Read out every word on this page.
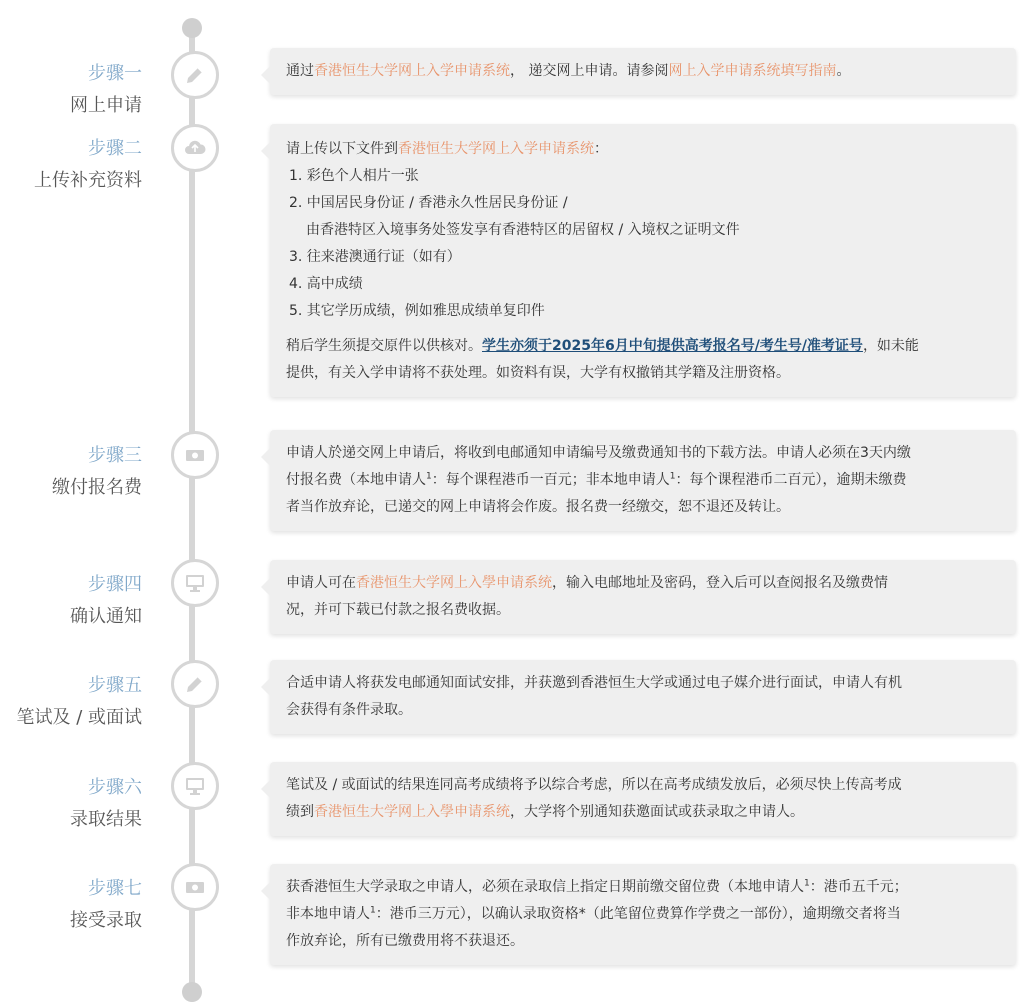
步骤一
网上申请
通过香港恒生大学网上入学申请系统， 递交网上申请。请参阅网上入学申请系统填写指南。
步骤二
上传补充资料
请上传以下文件到香港恒生大学网上入学申请系统：
1. 彩色个人相片一张
2. 中国居民身份证 / 香港永久性居民身份证 /
由香港特区入境事务处签发享有香港特区的居留权 / 入境权之证明文件
3. 往来港澳通行证（如有）
4. 高中成绩
5. 其它学历成绩，例如雅思成绩单复印件
稍后学生须提交原件以供核对。学生亦须于2025年6月中旬提供高考报名号/考生号/准考证号，如未能
提供，有关入学申请将不获处理。如资料有误，大学有权撤销其学籍及注册资格。
步骤三
缴付报名费
申请人於递交网上申请后，将收到电邮通知申请编号及缴费通知书的下载方法。申请人必须在3天内缴
付报名费（本地申请人$^1$：每个课程港币一百元；非本地申请人$^1$：每个课程港币二百元），逾期未缴费
者当作放弃论，已递交的网上申请将会作废。报名费一经缴交，恕不退还及转让。
步骤四
确认通知
申请人可在香港恒生大学网上入學申请系统，输入电邮地址及密码，登入后可以查阅报名及缴费情
况，并可下载已付款之报名费收据。
步骤五
笔试及 / 或面试
合适申请人将获发电邮通知面试安排，并获邀到香港恒生大学或通过电子媒介进行面试，申请人有机
会获得有条件录取。
步骤六
录取结果
笔试及 / 或面试的结果连同高考成绩将予以综合考虑，所以在高考成绩发放后，必须尽快上传高考成
绩到香港恒生大学网上入學申请系统，大学将个别通知获邀面试或获录取之申请人。
步骤七
接受录取
获香港恒生大学录取之申请人，必须在录取信上指定日期前缴交留位费（本地申请人$^1$：港币五千元；
非本地申请人$^1$：港币三万元），以确认录取资格*（此笔留位费算作学费之一部份），逾期缴交者将当
作放弃论，所有已缴费用将不获退还。
